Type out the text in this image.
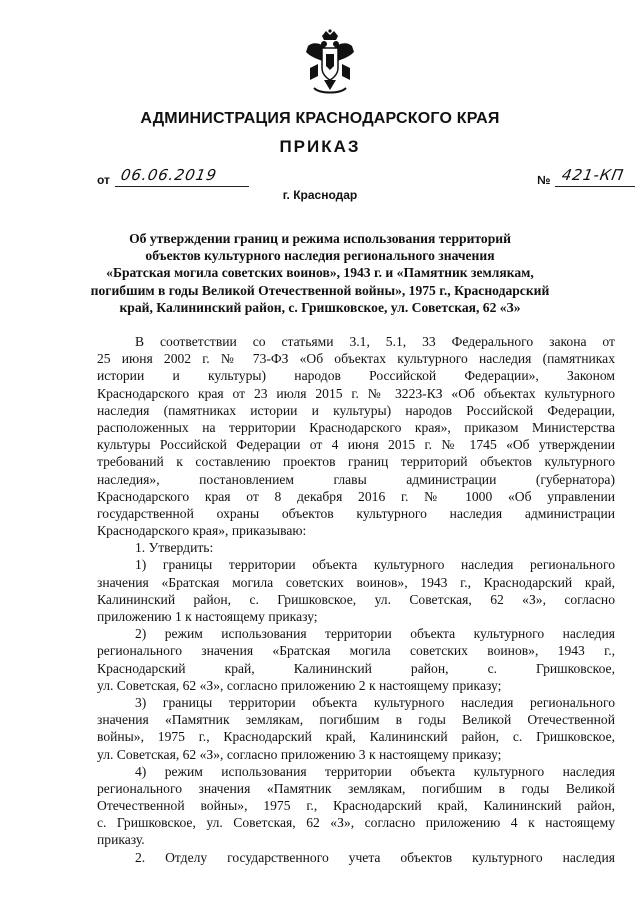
АДМИНИСТРАЦИЯ КРАСНОДАРСКОГО КРАЯ
ПРИКАЗ
от 06.06.2019	№ 421-КП
г. Краснодар
Об утверждении границ и режима использования территорий
объектов культурного наследия регионального значения
«Братская могила советских воинов», 1943 г. и «Памятник землякам,
погибшим в годы Великой Отечественной войны», 1975 г., Краснодарский
край, Калининский район, с. Гришковское, ул. Советская, 62 «З»
В соответствии со статьями 3.1, 5.1, 33 Федерального закона от
25 июня 2002 г. № 73-ФЗ «Об объектах культурного наследия (памятниках
истории и культуры) народов Российской Федерации», Законом
Краснодарского края от 23 июля 2015 г. № 3223-КЗ «Об объектах культурного
наследия (памятниках истории и культуры) народов Российской Федерации,
расположенных на территории Краснодарского края», приказом Министерства
культуры Российской Федерации от 4 июня 2015 г. № 1745 «Об утверждении
требований к составлению проектов границ территорий объектов культурного
наследия», постановлением главы администрации (губернатора)
Краснодарского края от 8 декабря 2016 г. № 1000 «Об управлении
государственной охраны объектов культурного наследия администрации
Краснодарского края», приказываю:
1. Утвердить:
1) границы территории объекта культурного наследия регионального
значения «Братская могила советских воинов», 1943 г., Краснодарский край,
Калининский район, с. Гришковское, ул. Советская, 62 «З», согласно
приложению 1 к настоящему приказу;
2) режим использования территории объекта культурного наследия
регионального значения «Братская могила советских воинов», 1943 г.,
Краснодарский край, Калининский район, с. Гришковское,
ул. Советская, 62 «З», согласно приложению 2 к настоящему приказу;
3) границы территории объекта культурного наследия регионального
значения «Памятник землякам, погибшим в годы Великой Отечественной
войны», 1975 г., Краснодарский край, Калининский район, с. Гришковское,
ул. Советская, 62 «З», согласно приложению 3 к настоящему приказу;
4) режим использования территории объекта культурного наследия
регионального значения «Памятник землякам, погибшим в годы Великой
Отечественной войны», 1975 г., Краснодарский край, Калининский район,
с. Гришковское, ул. Советская, 62 «З», согласно приложению 4 к настоящему
приказу.
2. Отделу государственного учета объектов культурного наследия
